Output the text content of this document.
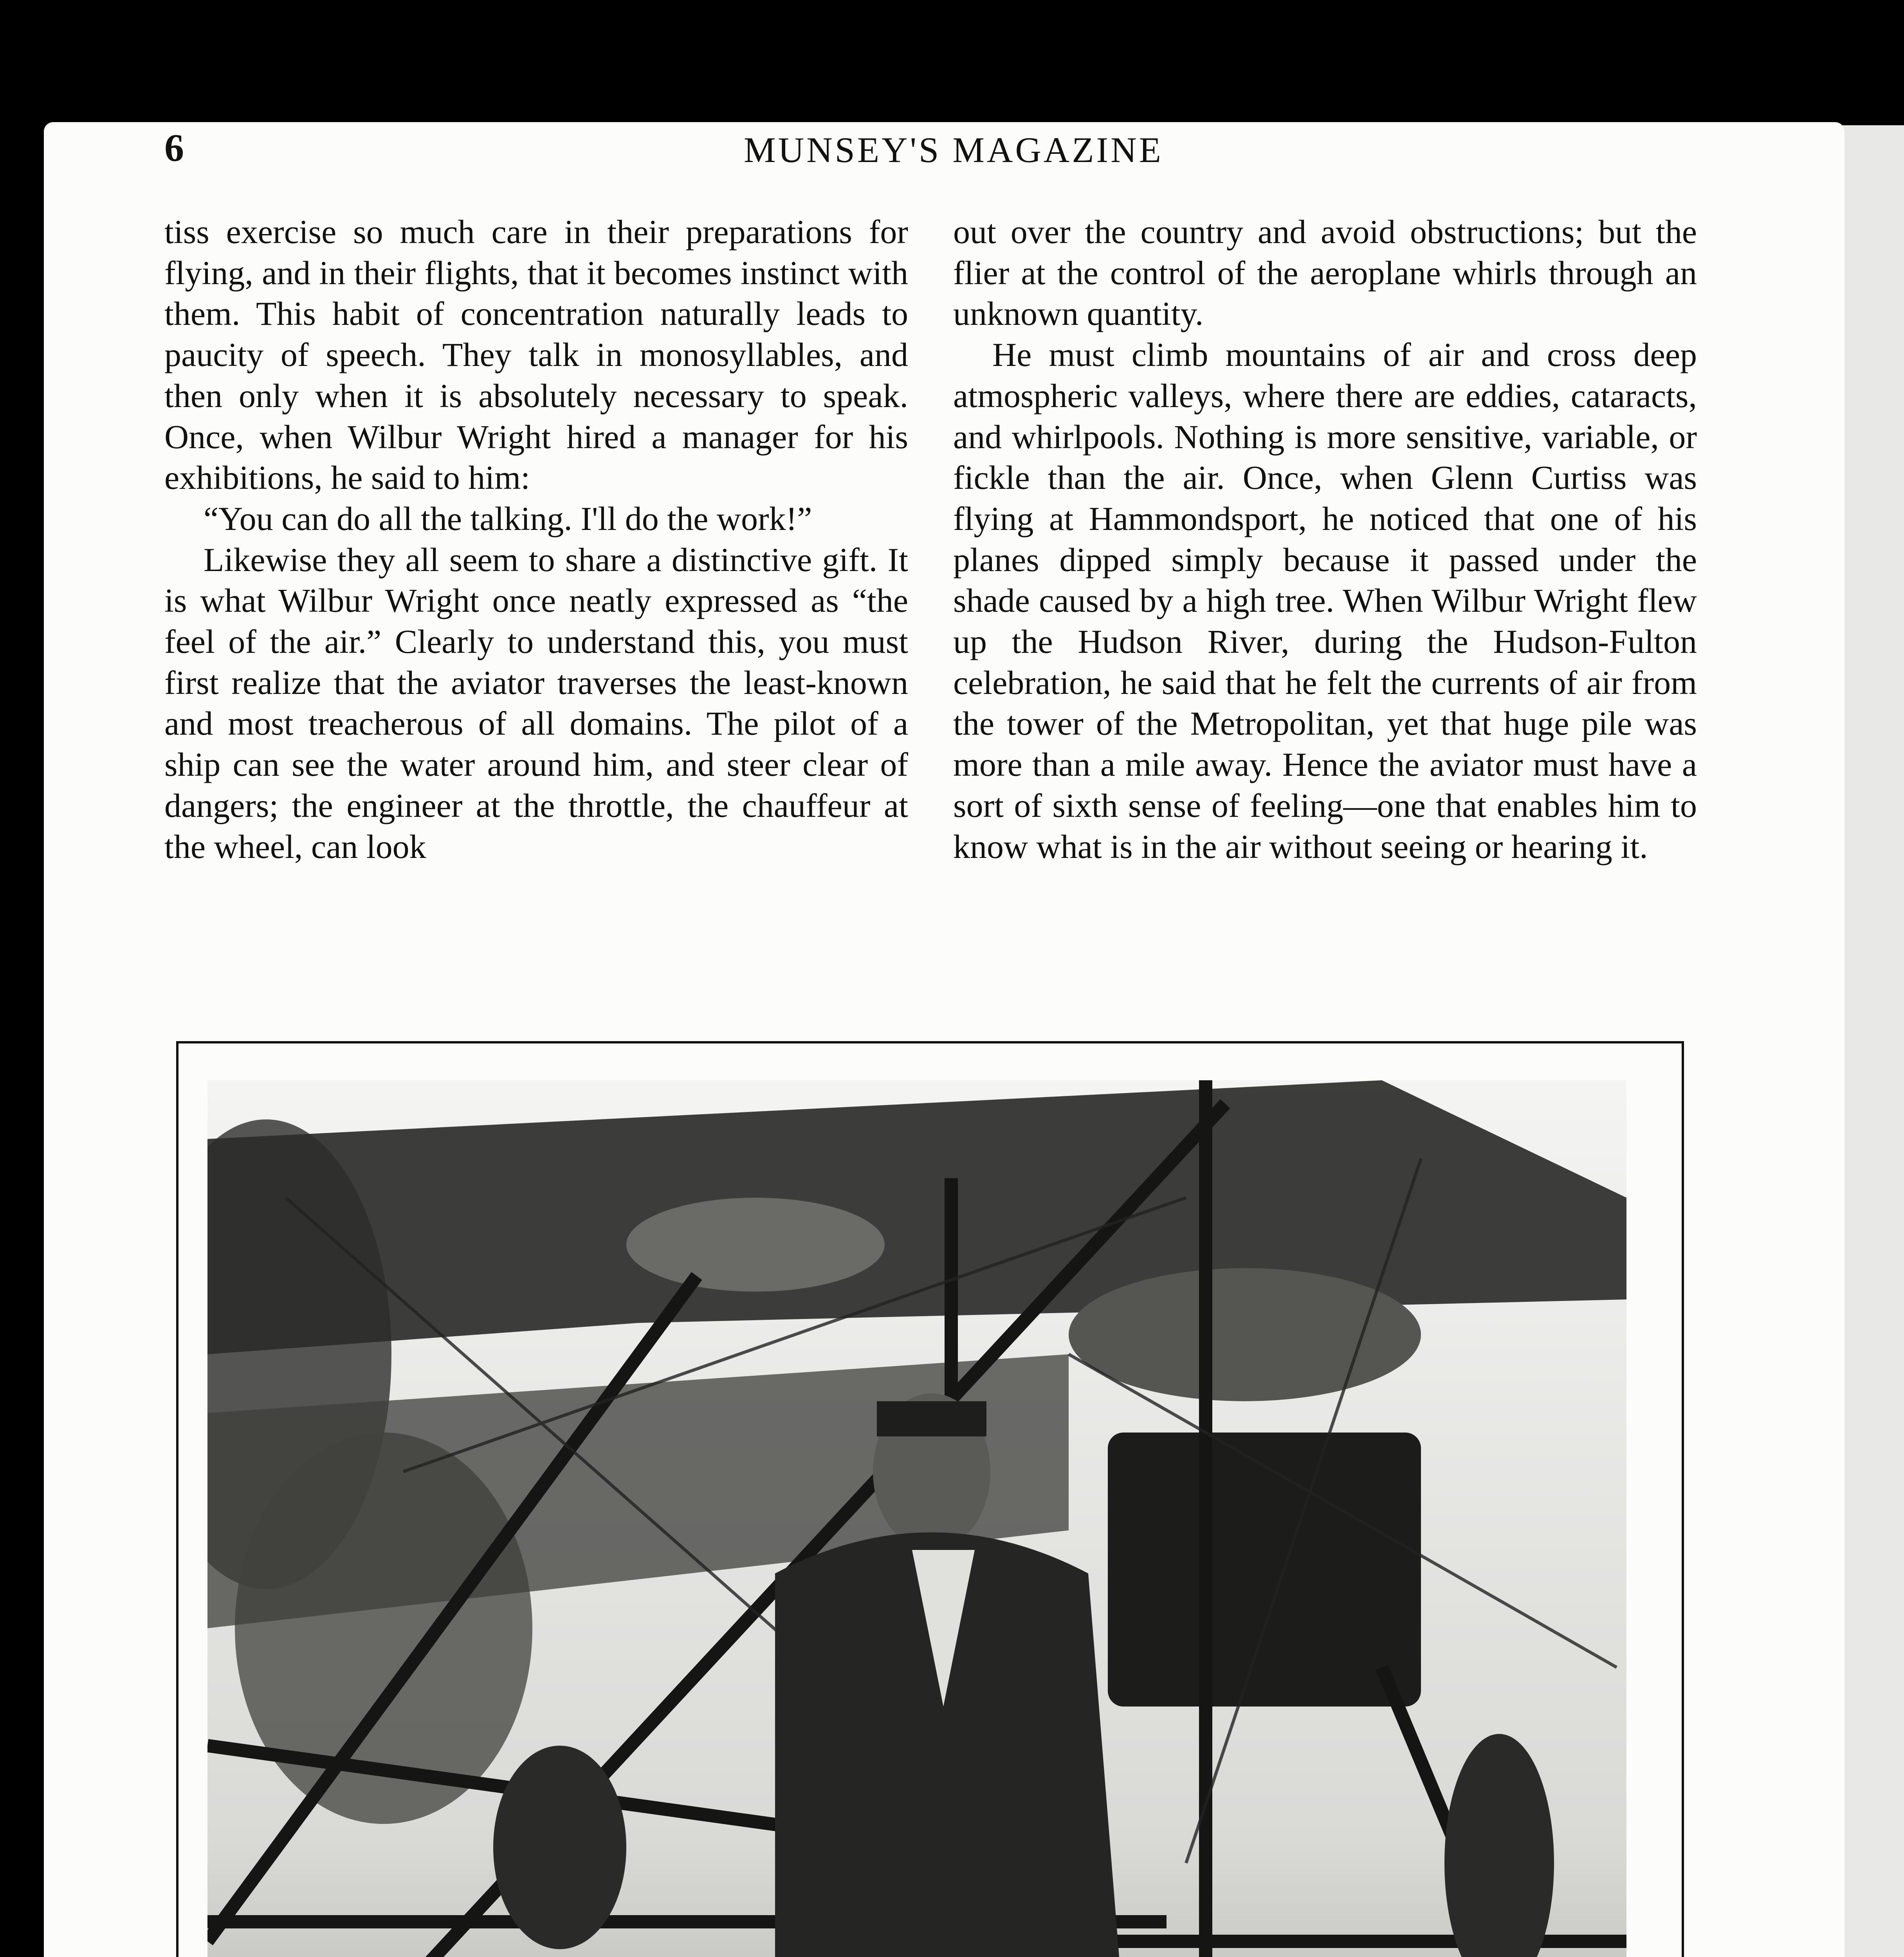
6	MUNSEY'S MAGAZINE

tiss exercise so much care in their preparations for flying, and in their flights, that it becomes instinct with them. This habit of concentration naturally leads to paucity of speech. They talk in monosyllables, and then only when it is absolutely necessary to speak. Once, when Wilbur Wright hired a manager for his exhibitions, he said to him:

“You can do all the talking. I'll do the work!”

Likewise they all seem to share a distinctive gift. It is what Wilbur Wright once neatly expressed as “the feel of the air.” Clearly to understand this, you must first realize that the aviator traverses the least-known and most treacherous of all domains. The pilot of a ship can see the water around him, and steer clear of dangers; the engineer at the throttle, the chauffeur at the wheel, can look

out over the country and avoid obstructions; but the flier at the control of the aeroplane whirls through an unknown quantity.

He must climb mountains of air and cross deep atmospheric valleys, where there are eddies, cataracts, and whirlpools. Nothing is more sensitive, variable, or fickle than the air. Once, when Glenn Curtiss was flying at Hammondsport, he noticed that one of his planes dipped simply because it passed under the shade caused by a high tree. When Wilbur Wright flew up the Hudson River, during the Hudson-Fulton celebration, he said that he felt the currents of air from the tower of the Metropolitan, yet that huge pile was more than a mile away. Hence the aviator must have a sort of sixth sense of feeling—one that enables him to know what is in the air without seeing or hearing it.
